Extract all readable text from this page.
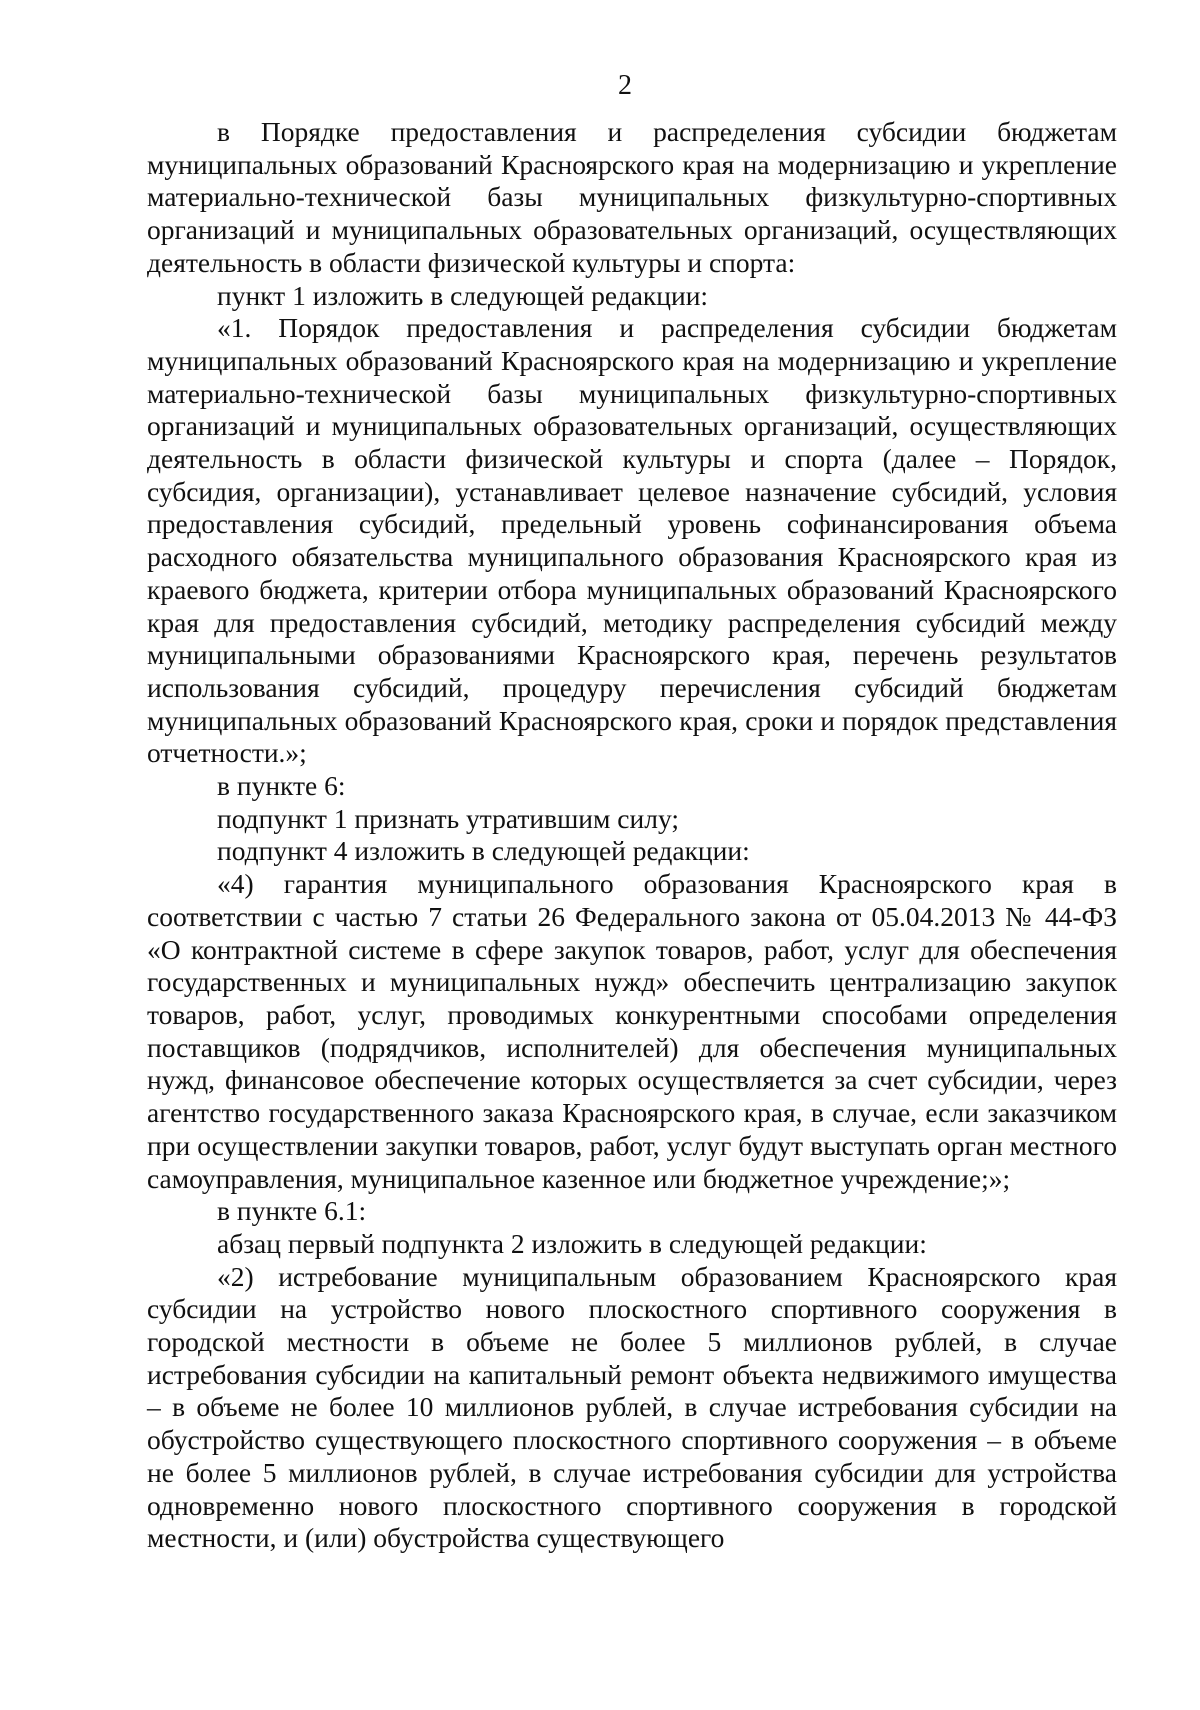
2

в Порядке предоставления и распределения субсидии бюджетам муниципальных образований Красноярского края на модернизацию и укрепление материально-технической базы муниципальных физкультурно-спортивных организаций и муниципальных образовательных организаций, осуществляющих деятельность в области физической культуры и спорта:

пункт 1 изложить в следующей редакции:

«1. Порядок предоставления и распределения субсидии бюджетам муниципальных образований Красноярского края на модернизацию и укрепление материально-технической базы муниципальных физкультурно-спортивных организаций и муниципальных образовательных организаций, осуществляющих деятельность в области физической культуры и спорта (далее – Порядок, субсидия, организации), устанавливает целевое назначение субсидий, условия предоставления субсидий, предельный уровень софинансирования объема расходного обязательства муниципального образования Красноярского края из краевого бюджета, критерии отбора муниципальных образований Красноярского края для предоставления субсидий, методику распределения субсидий между муниципальными образованиями Красноярского края, перечень результатов использования субсидий, процедуру перечисления субсидий бюджетам муниципальных образований Красноярского края, сроки и порядок представления отчетности.»;

в пункте 6:

подпункт 1 признать утратившим силу;

подпункт 4 изложить в следующей редакции:

«4) гарантия муниципального образования Красноярского края в соответствии с частью 7 статьи 26 Федерального закона от 05.04.2013 № 44-ФЗ «О контрактной системе в сфере закупок товаров, работ, услуг для обеспечения государственных и муниципальных нужд» обеспечить централизацию закупок товаров, работ, услуг, проводимых конкурентными способами определения поставщиков (подрядчиков, исполнителей) для обеспечения муниципальных нужд, финансовое обеспечение которых осуществляется за счет субсидии, через агентство государственного заказа Красноярского края, в случае, если заказчиком при осуществлении закупки товаров, работ, услуг будут выступать орган местного самоуправления, муниципальное казенное или бюджетное учреждение;»;

в пункте 6.1:

абзац первый подпункта 2 изложить в следующей редакции:

«2) истребование муниципальным образованием Красноярского края субсидии на устройство нового плоскостного спортивного сооружения в городской местности в объеме не более 5 миллионов рублей, в случае истребования субсидии на капитальный ремонт объекта недвижимого имущества – в объеме не более 10 миллионов рублей, в случае истребования субсидии на обустройство существующего плоскостного спортивного сооружения – в объеме не более 5 миллионов рублей, в случае истребования субсидии для устройства одновременно нового плоскостного спортивного сооружения в городской местности, и (или) обустройства существующего
